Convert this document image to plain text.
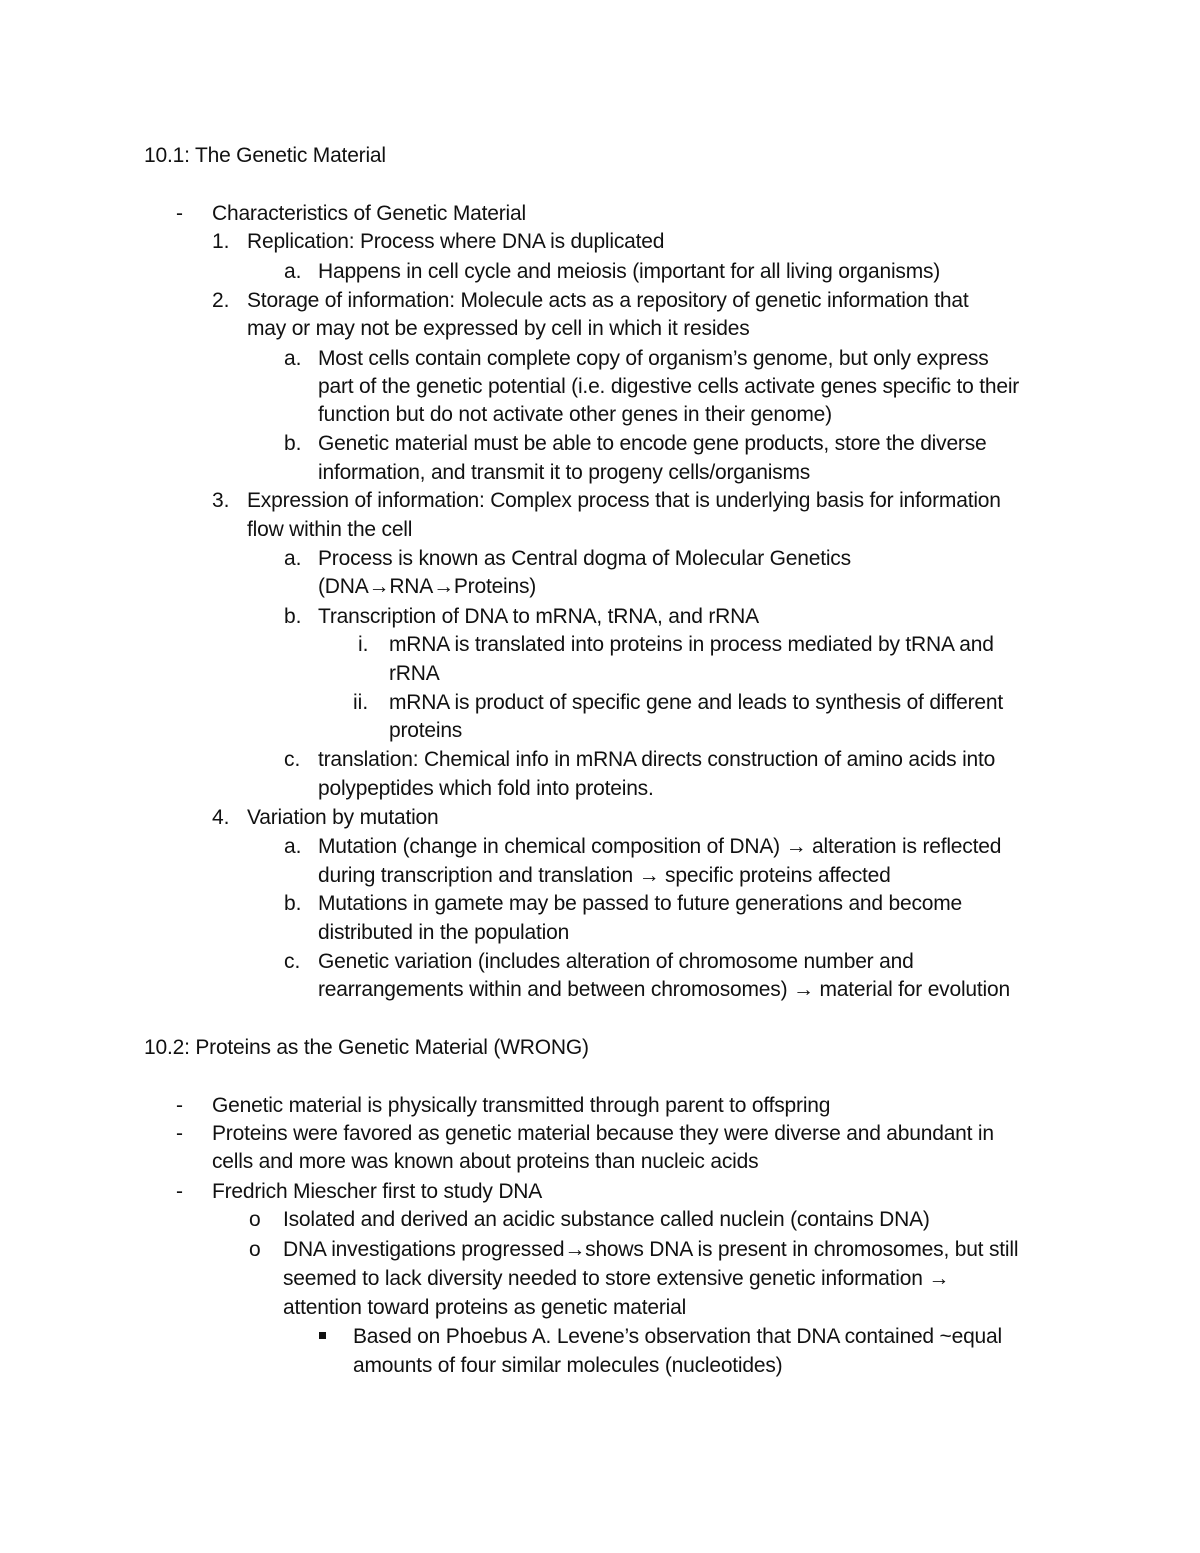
10.1: The Genetic Material
- Characteristics of Genetic Material
1. Replication: Process where DNA is duplicated
a. Happens in cell cycle and meiosis (important for all living organisms)
2. Storage of information: Molecule acts as a repository of genetic information that
may or may not be expressed by cell in which it resides
a. Most cells contain complete copy of organism’s genome, but only express
part of the genetic potential (i.e. digestive cells activate genes specific to their
function but do not activate other genes in their genome)
b. Genetic material must be able to encode gene products, store the diverse
information, and transmit it to progeny cells/organisms
3. Expression of information: Complex process that is underlying basis for information
flow within the cell
a. Process is known as Central dogma of Molecular Genetics
(DNA→RNA→Proteins)
b. Transcription of DNA to mRNA, tRNA, and rRNA
i. mRNA is translated into proteins in process mediated by tRNA and
rRNA
ii. mRNA is product of specific gene and leads to synthesis of different
proteins
c. translation: Chemical info in mRNA directs construction of amino acids into
polypeptides which fold into proteins.
4. Variation by mutation
a. Mutation (change in chemical composition of DNA) → alteration is reflected
during transcription and translation → specific proteins affected
b. Mutations in gamete may be passed to future generations and become
distributed in the population
c. Genetic variation (includes alteration of chromosome number and
rearrangements within and between chromosomes) → material for evolution
10.2: Proteins as the Genetic Material (WRONG)
- Genetic material is physically transmitted through parent to offspring
- Proteins were favored as genetic material because they were diverse and abundant in
cells and more was known about proteins than nucleic acids
- Fredrich Miescher first to study DNA
o Isolated and derived an acidic substance called nuclein (contains DNA)
o DNA investigations progressed→shows DNA is present in chromosomes, but still
seemed to lack diversity needed to store extensive genetic information →
attention toward proteins as genetic material
Based on Phoebus A. Levene’s observation that DNA contained ~equal
amounts of four similar molecules (nucleotides)
